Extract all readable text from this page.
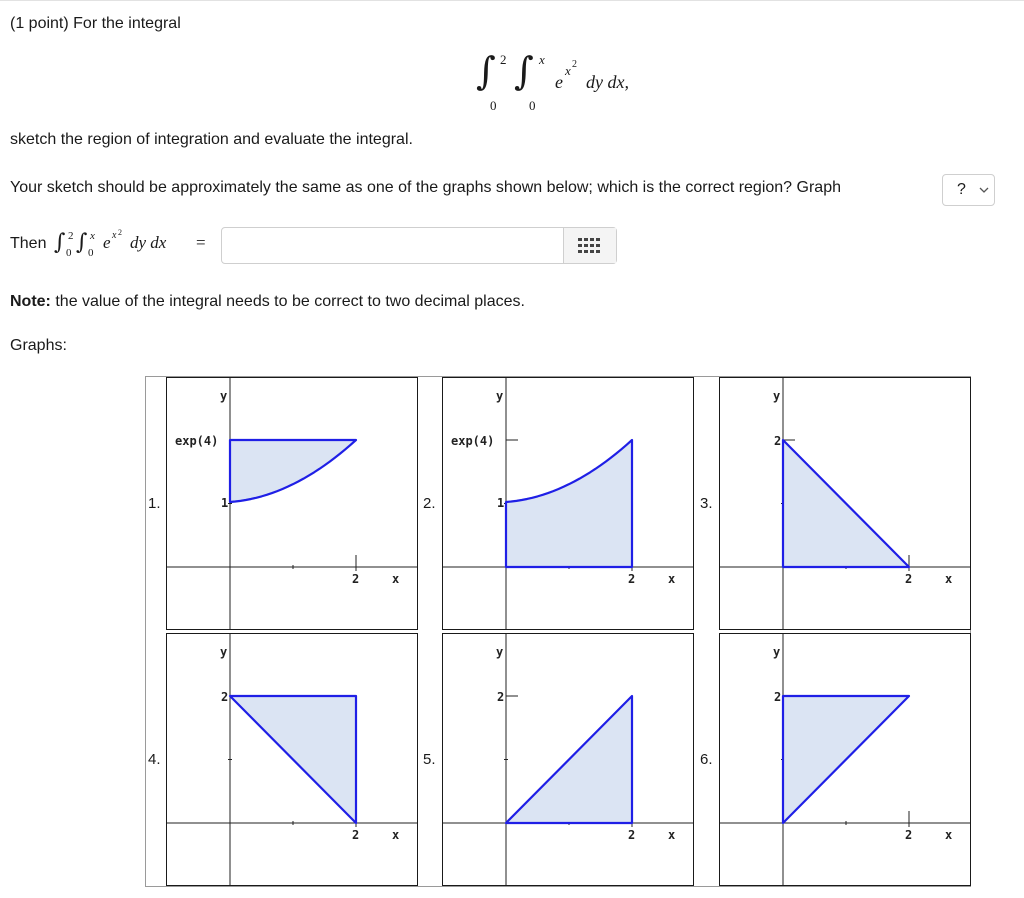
(1 point) For the integral
∫ 2
0
∫ x
0
e
x 2
dy dx,
sketch the region of integration and evaluate the integral.
Your sketch should be approximately the same as one of the graphs shown below; which is the correct region? Graph	?
Then ∫ 2
0 ∫ x
0
e x 2
dy dx =
Note: the value of the integral needs to be correct to two decimal places.
Graphs:
1.
x
y
2
exp(4)
1	2.
x
y
2
exp(4)
1	3.
x
y
2
2
4.
x
y
2
2
5.
x
y
2
2
6.
x
y
2
2
